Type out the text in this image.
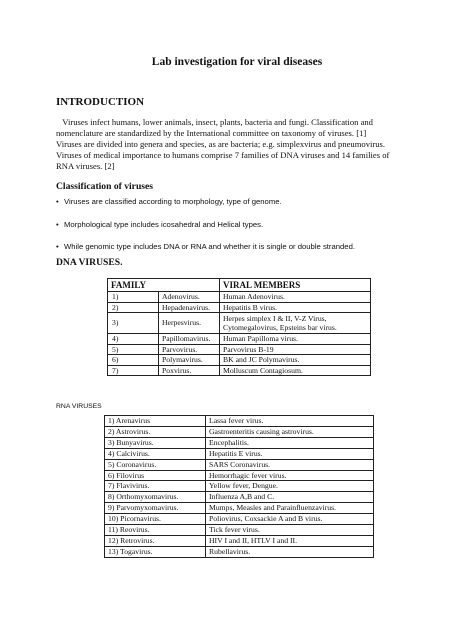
Lab investigation for viral diseases
INTRODUCTION
Viruses infect humans, lower animals, insect, plants, bacteria and fungi. Classification and
nomenclature are standardized by the International committee on taxonomy of viruses. [1]
Viruses are divided into genera and species, as are bacteria; e.g. simplexvirus and pneumovirus.
Viruses of medical importance to humans comprise 7 families of DNA viruses and 14 families of
RNA viruses. [2]
Classification of viruses
• Viruses are classified according to morphology, type of genome.
• Morphological type includes icosahedral and Helical types.
• While genomic type includes DNA or RNA and whether it is single or double stranded.
DNA VIRUSES.
FAMILY		VIRAL MEMBERS
1)	Adenovirus.	Human Adenovirus.
2)	Hepadenavirus.	Hepatitis B virus.
3)	Herpesvirus.	Herpes simplex I & II, V-Z Virus,
Cytomegalovirus, Epsteins bar virus.

4)	Papillomavirus.	Human Papilloma virus.
5)	Parvovirus.	Parvovirus B-19
6)	Polymavirus.	BK and JC Polymavirus.
7)	Poxvirus.	Molluscum Contagiosum.
RNA VIRUSES
1) Arenavirus	Lassa fever virus.
2) Astrovirus.	Gastroenteritis causing astrovirus.
3) Bunyavirus.	Encephalitis.
4) Calcivirus.	Hepatitis E virus.
5) Coronavirus.	SARS Coronavirus.
6) Filovirus	Hemorrhagic fever virus.
7) Flavivirus.	Yellow fever, Dengue.
8) Orthomyxomavirus.	Influenza A,B and C.
9) Parvomyxomavirus.	Mumps, Measles and Parainfluenzavirus.
10) Picornavirus.	Poliovirus, Coxsackie A and B virus.
11) Reovirus.	Tick fever virus.
12) Retrovirus.	HIV I and II, HTLV I and II.
13) Togavirus.	Rubellavirus.
